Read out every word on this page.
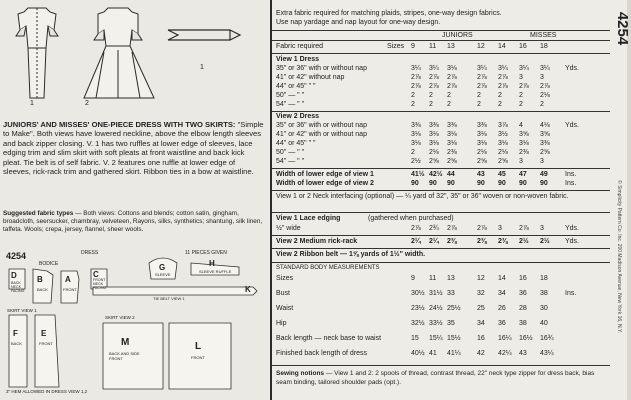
1	2
1
JUNIORS' AND MISSES' ONE-PIECE DRESS WITH TWO SKIRTS: "Simple to Make". Both views have lowered neckline, above the elbow length sleeves and back zipper closing. V. 1 has two ruffles at lower edge of sleeves, lace edging trim and slim skirt with soft pleats at front waistline and back kick pleat. Tie belt is of self fabric. V. 2 features one ruffle at lower edge of sleeves, rick-rack trim and gathered skirt. Ribbon ties in a bow at waistline.
Suggested fabric types — Both views: Cottons and blends; cotton satin, gingham, broadcloth, seersucker, chambray, velveteen, Rayons, silks, synthetics; shantung, silk linen, taffeta. Wools; crepa, jersey, flannel, sheer wools.
4254	DRESS	11 PIECES GIVEN
BODICE
D
BACK NECK FACING
B
BACK
A
FRONT
C
FRONT NECK FACING
G
SLEEVE
H
SLEEVE RUFFLE
K
TIE BELT VIEW 1
SKIRT VIEW 1
SKIRT VIEW 2
F
BACK
E
FRONT	M
BACK AND SIDE FRONT
L
FRONT
3" HEM ALLOWED IN DRESS VIEW 1,2
Extra fabric required for matching plaids, stripes, one-way design fabrics.
Use nap yardage and nap layout for one-way design.
JUNIORS	MISSES
Fabric required	Sizes 9 11 13	12 14 16 18
View 1 Dress
35" or 36" with or without nap	3¼ 3¼ 3⅛	3¼ 3¼ 3¼ 3¼ Yds.
41" or 42" without nap	2⅞ 2⅞ 2⅞	2⅞ 2⅞ 3 3
44" or 45" " "	2⅞ 2⅞ 2⅞	2⅞ 2⅞ 2⅞ 2⅞
50" — " "	2 2 2	2 2 2 2⅛
54" — " "	2 2 2	2 2 2 2
View 2 Dress
35" or 36" with or without nap	3⅜ 3⅜ 3⅜	3⅜ 3⅞ 4 4⅛ Yds.
41" or 42" with or without nap	3⅛ 3⅛ 3⅛	3⅛ 3½ 3⅝ 3⅝
44" or 45" " "	3⅛ 3⅛ 3⅛	3⅛ 3⅛ 3⅛ 3⅜
50" — " "	2 2⅛ 2⅜	2⅛ 2⅛ 2⅜ 2⅝
54" — " "	2½ 2⅝ 2⅝	2⅝ 2⅝ 3 3
Width of lower edge of view 1	41½ 42½ 44	43 45 47 49 Ins.
Width of lower edge of view 2	90 90 90	90 90 90 90 Ins.
View 1 or 2 Neck interfacing (optional) — ¼ yard of 32", 35" or 36" woven or non-woven fabric.
View 1 Lace edging	(gathered when purchased)
½" wide	2⅞ 2¾ 2⅞	2⅞ 3 2⅞ 3	Yds.
View 2 Medium rick-rack	2¼ 2¼ 2⅜	2⅜ 2⅜ 2½ 2½ Yds.
View 2 Ribbon belt — 1⅝ yards of 1½" width.
STANDARD BODY MEASUREMENTS
Sizes	9 11 13	12 14 16 18
Bust	30½ 31½ 33	32 34 36 38 Ins.
Waist	23½ 24½ 25½ 25 26 28 30
Hip	32½ 33½ 35	34 36 38 40
Back length — neck base to waist	15 15¼ 15½ 16 16¼ 16½ 16¾
Finished back length of dress	40½ 41 41¼ 42 42¼ 43 43¼
Sewing notions — View 1 and 2: 2 spools of thread, contrast thread, 22" neck type zipper for dress back, bias seam binding, tailored shoulder pads (opt.).
4254
© Simplicity Pattern Co. Inc. 200 Madison Avenue, New York 16, N.Y.
